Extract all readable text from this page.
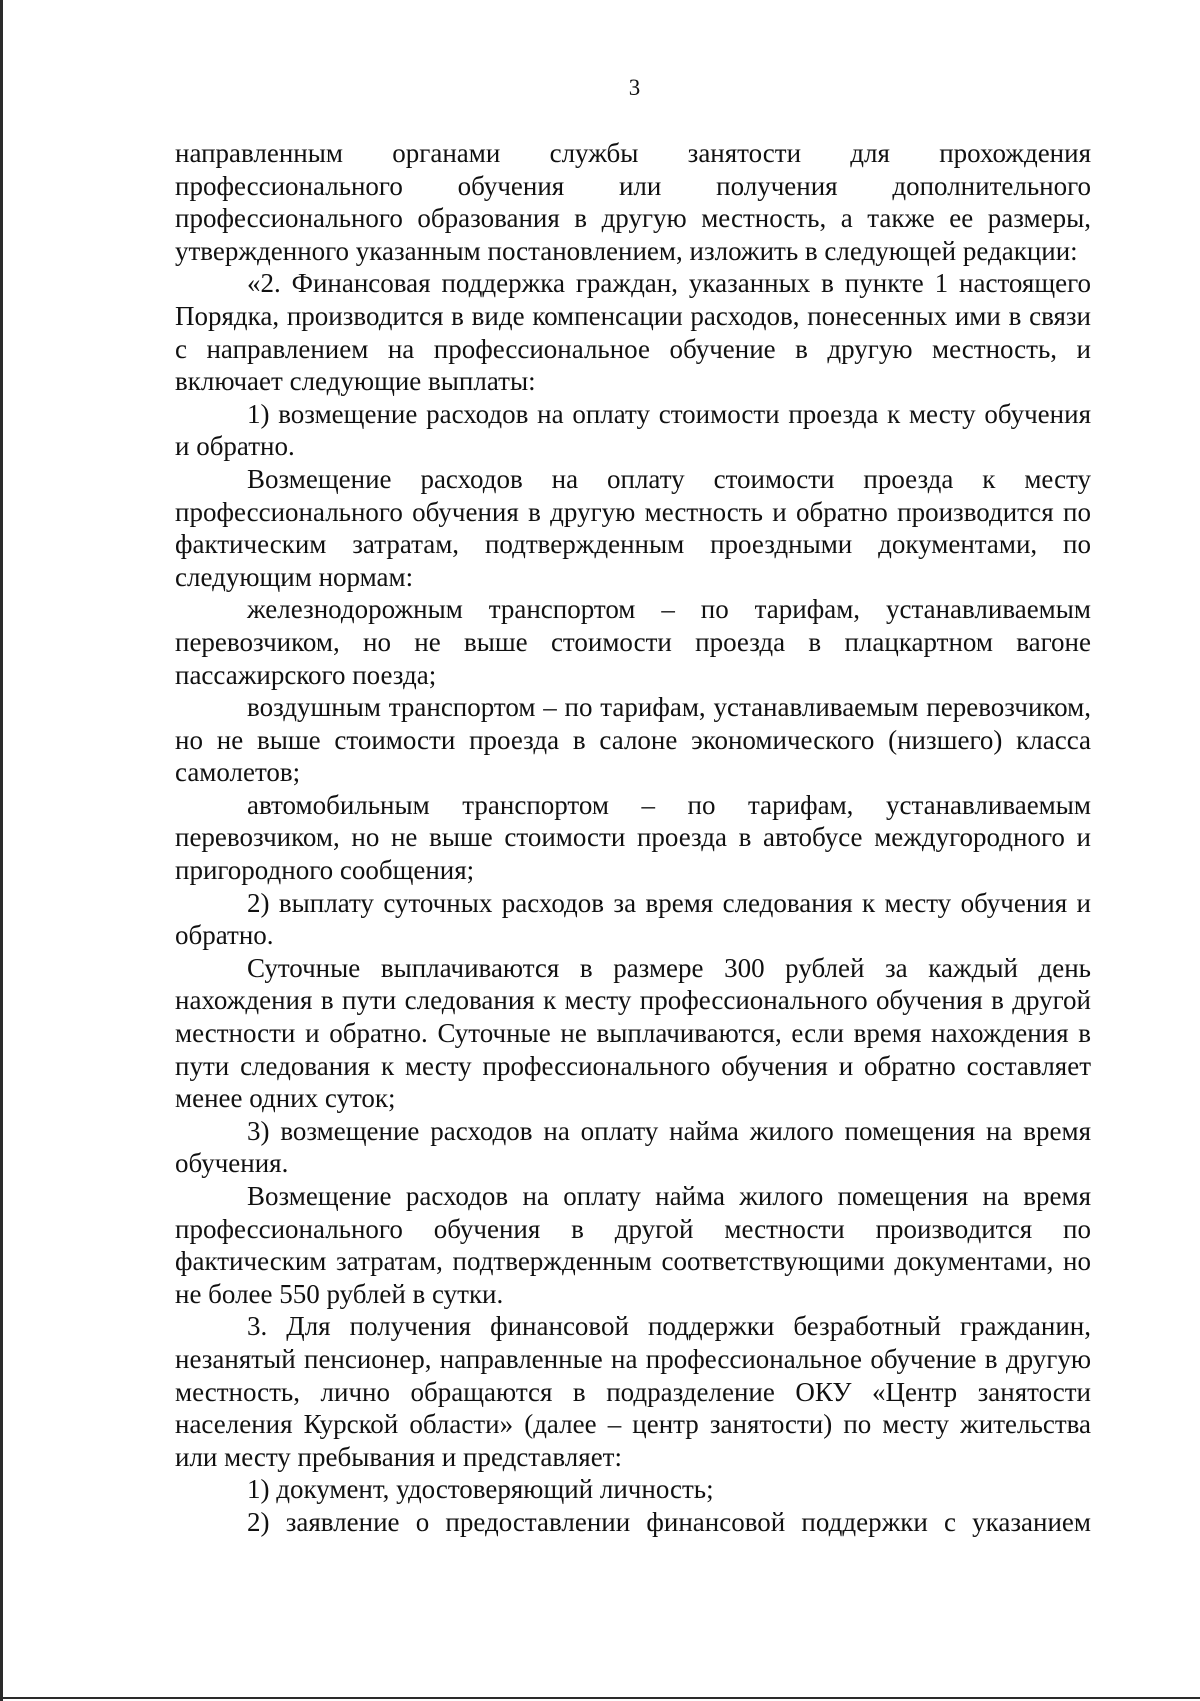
3

направленным органами службы занятости для прохождения профессионального обучения или получения дополнительного профессионального образования в другую местность, а также ее размеры, утвержденного указанным постановлением, изложить в следующей редакции:

«2. Финансовая поддержка граждан, указанных в пункте 1 настоящего Порядка, производится в виде компенсации расходов, понесенных ими в связи с направлением на профессиональное обучение в другую местность, и включает следующие выплаты:

1) возмещение расходов на оплату стоимости проезда к месту обучения и обратно.

Возмещение расходов на оплату стоимости проезда к месту профессионального обучения в другую местность и обратно производится по фактическим затратам, подтвержденным проездными документами, по следующим нормам:

железнодорожным транспортом – по тарифам, устанавливаемым перевозчиком, но не выше стоимости проезда в плацкартном вагоне пассажирского поезда;

воздушным транспортом – по тарифам, устанавливаемым перевозчиком, но не выше стоимости проезда в салоне экономического (низшего) класса самолетов;

автомобильным транспортом – по тарифам, устанавливаемым перевозчиком, но не выше стоимости проезда в автобусе междугородного и пригородного сообщения;

2) выплату суточных расходов за время следования к месту обучения и обратно.

Суточные выплачиваются в размере 300 рублей за каждый день нахождения в пути следования к месту профессионального обучения в другой местности и обратно. Суточные не выплачиваются, если время нахождения в пути следования к месту профессионального обучения и обратно составляет менее одних суток;

3) возмещение расходов на оплату найма жилого помещения на время обучения.

Возмещение расходов на оплату найма жилого помещения на время профессионального обучения в другой местности производится по фактическим затратам, подтвержденным соответствующими документами, но не более 550 рублей в сутки.

3. Для получения финансовой поддержки безработный гражданин, незанятый пенсионер, направленные на профессиональное обучение в другую местность, лично обращаются в подразделение ОКУ «Центр занятости населения Курской области» (далее – центр занятости) по месту жительства или месту пребывания и представляет:

1) документ, удостоверяющий личность;

2) заявление о предоставлении финансовой поддержки с указанием
